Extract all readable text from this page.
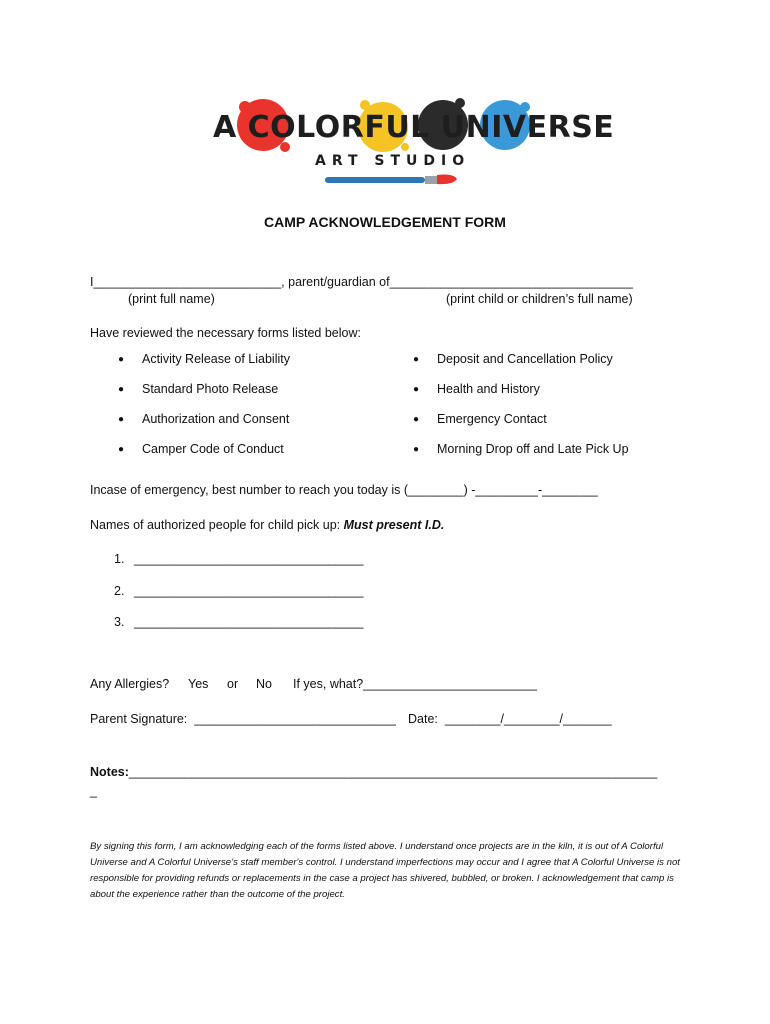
A COLORFUL UNIVERSE
ART STUDIO
CAMP ACKNOWLEDGEMENT FORM
I___________________________, parent/guardian of___________________________________
(print full name)	(print child or children’s full name)
Have reviewed the necessary forms listed below:
● Activity Release of Liability
● Standard Photo Release
● Authorization and Consent
● Camper Code of Conduct
● Deposit and Cancellation Policy
● Health and History
● Emergency Contact
● Morning Drop off and Late Pick Up
Incase of emergency, best number to reach you today is (________) -_________-________
Names of authorized people for child pick up: Must present I.D.
1. _________________________________
2. _________________________________
3. _________________________________
Any Allergies? Yes or No If yes, what?_________________________
Parent Signature:  _____________________________ Date:  ________/________/_______
Notes:____________________________________________________________________________
_
By signing this form, I am acknowledging each of the forms listed above. I understand once projects are in the kiln, it is out of A Colorful Universe and A Colorful Universe’s staff member's control. I understand imperfections may occur and I agree that A Colorful Universe is not responsible for providing refunds or replacements in the case a project has shivered, bubbled, or broken. I acknowledgement that camp is about the experience rather than the outcome of the project.
